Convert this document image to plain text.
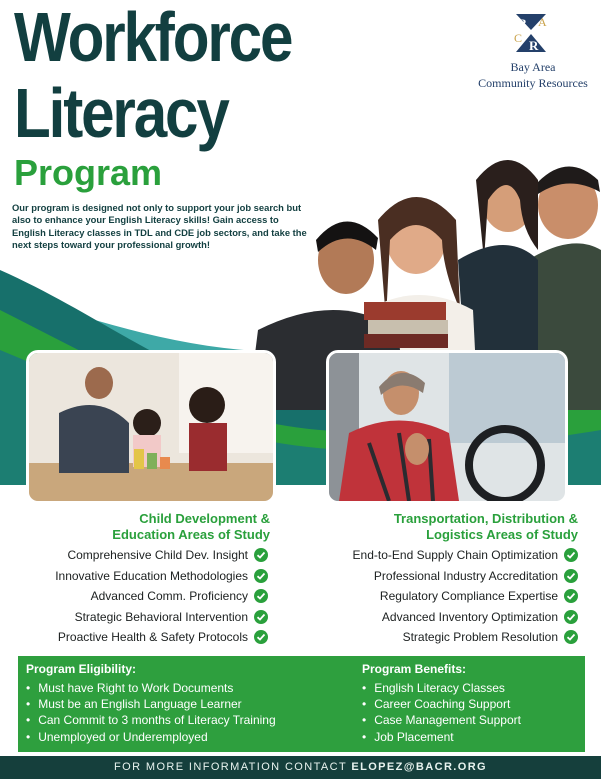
Workforce
Literacy
Program

Our program is designed not only to support your job search but also to enhance your English Literacy skills! Gain access to English Literacy classes in TDL and CDE job sectors, and take the next steps toward your professional growth!

B A
C R
Bay Area
Community Resources
Child Development &
Education Areas of Study
Transportation, Distribution &
Logistics Areas of Study
Comprehensive Child Dev. Insight
Innovative Education Methodologies
Advanced Comm. Proficiency
Strategic Behavioral Intervention
Proactive Health & Safety Protocols
End-to-End Supply Chain Optimization
Professional Industry Accreditation
Regulatory Compliance Expertise
Advanced Inventory Optimization
Strategic Problem Resolution
Program Eligibility:
• Must have Right to Work Documents
• Must be an English Language Learner
• Can Commit to 3 months of Literacy Training
• Unemployed or Underemployed
Program Benefits:
• English Literacy Classes
• Career Coaching Support
• Case Management Support
• Job Placement
FOR MORE INFORMATION CONTACT ELOPEZ@BACR.ORG
